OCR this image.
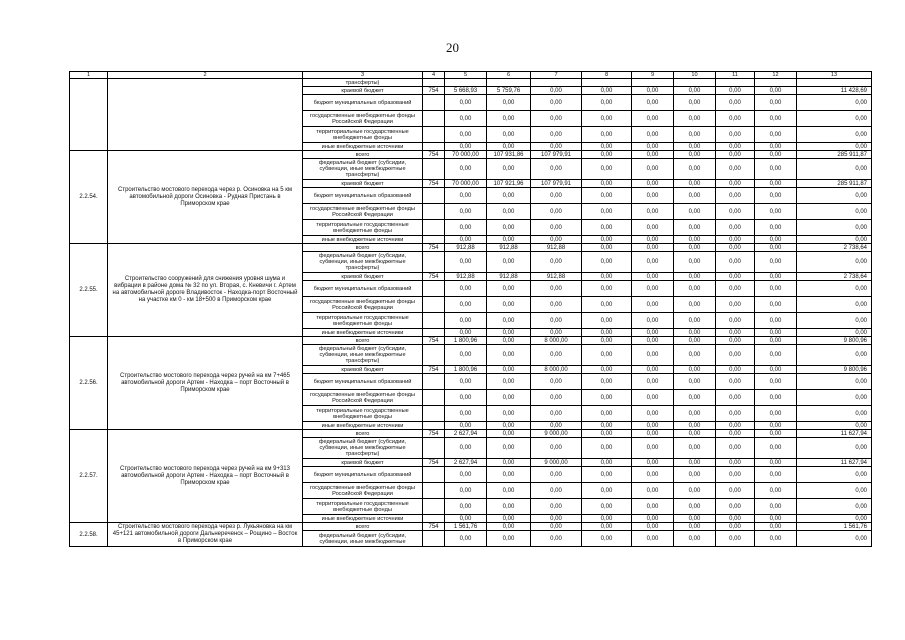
20
1	2	3	4	5	6	7	8	9	10	11	12	13
		трансферты)										
		краевой бюджет	754	5 668,93	5 759,76	0,00	0,00	0,00	0,00	0,00	0,00	11 428,69
		бюджет муниципальных образований		0,00	0,00	0,00	0,00	0,00	0,00	0,00	0,00	0,00
		государственные внебюджетные фонды Российской Федерации		0,00	0,00	0,00	0,00	0,00	0,00	0,00	0,00	0,00
		территориальные государственные внебюджетные фонды		0,00	0,00	0,00	0,00	0,00	0,00	0,00	0,00	0,00
		иные внебюджетные источники		0,00	0,00	0,00	0,00	0,00	0,00	0,00	0,00	0,00
2.2.54.	Строительство мостового перехода через р. Осиновка на 5 км автомобильной дороги Осиновка - Рудная Пристань в Приморском крае	всего	754	70 000,00	107 931,86	107 979,91	0,00	0,00	0,00	0,00	0,00	285 911,87
		федеральный бюджет (субсидии, субвенции, иные межбюджетные трансферты)		0,00	0,00	0,00	0,00	0,00	0,00	0,00	0,00	0,00
		краевой бюджет	754	70 000,00	107 921,96	107 979,91	0,00	0,00	0,00	0,00	0,00	285 911,87
		бюджет муниципальных образований		0,00	0,00	0,00	0,00	0,00	0,00	0,00	0,00	0,00
		государственные внебюджетные фонды Российской Федерации		0,00	0,00	0,00	0,00	0,00	0,00	0,00	0,00	0,00
		территориальные государственные внебюджетные фонды		0,00	0,00	0,00	0,00	0,00	0,00	0,00	0,00	0,00
		иные внебюджетные источники		0,00	0,00	0,00	0,00	0,00	0,00	0,00	0,00	0,00
2.2.55.	Строительство сооружений для снижения уровня шума и вибрации в районе дома № 32 по ул. Вторая, с. Кневичи г. Артем на автомобильной дороге Владивосток - Находка-порт Восточный на участке км 0 - км 18+500 в Приморском крае	всего	754	912,88	912,88	912,88	0,00	0,00	0,00	0,00	0,00	2 738,64
		федеральный бюджет (субсидии, субвенции, иные межбюджетные трансферты)		0,00	0,00	0,00	0,00	0,00	0,00	0,00	0,00	0,00
		краевой бюджет	754	912,88	912,88	912,88	0,00	0,00	0,00	0,00	0,00	2 738,64
		бюджет муниципальных образований		0,00	0,00	0,00	0,00	0,00	0,00	0,00	0,00	0,00
		государственные внебюджетные фонды Российской Федерации		0,00	0,00	0,00	0,00	0,00	0,00	0,00	0,00	0,00
		территориальные государственные внебюджетные фонды		0,00	0,00	0,00	0,00	0,00	0,00	0,00	0,00	0,00
		иные внебюджетные источники		0,00	0,00	0,00	0,00	0,00	0,00	0,00	0,00	0,00
2.2.56.	Строительство мостового перехода через ручей на км 7+465 автомобильной дороги Артем - Находка – порт Восточный в Приморском крае	всего	754	1 800,96	0,00	8 000,00	0,00	0,00	0,00	0,00	0,00	9 800,96
		федеральный бюджет (субсидии, субвенции, иные межбюджетные трансферты)		0,00	0,00	0,00	0,00	0,00	0,00	0,00	0,00	0,00
		краевой бюджет	754	1 800,96	0,00	8 000,00	0,00	0,00	0,00	0,00	0,00	9 800,96
		бюджет муниципальных образований		0,00	0,00	0,00	0,00	0,00	0,00	0,00	0,00	0,00
		государственные внебюджетные фонды Российской Федерации		0,00	0,00	0,00	0,00	0,00	0,00	0,00	0,00	0,00
		территориальные государственные внебюджетные фонды		0,00	0,00	0,00	0,00	0,00	0,00	0,00	0,00	0,00
		иные внебюджетные источники		0,00	0,00	0,00	0,00	0,00	0,00	0,00	0,00	0,00
2.2.57.	Строительство мостового перехода через ручей на км 9+313 автомобильной дороги Артем - Находка – порт Восточный в Приморском крае	всего	754	2 627,94	0,00	9 000,00	0,00	0,00	0,00	0,00	0,00	11 627,94
		федеральный бюджет (субсидии, субвенции, иные межбюджетные трансферты)		0,00	0,00	0,00	0,00	0,00	0,00	0,00	0,00	0,00
		краевой бюджет	754	2 627,94	0,00	9 000,00	0,00	0,00	0,00	0,00	0,00	11 627,94
		бюджет муниципальных образований		0,00	0,00	0,00	0,00	0,00	0,00	0,00	0,00	0,00
		государственные внебюджетные фонды Российской Федерации		0,00	0,00	0,00	0,00	0,00	0,00	0,00	0,00	0,00
		территориальные государственные внебюджетные фонды		0,00	0,00	0,00	0,00	0,00	0,00	0,00	0,00	0,00
		иные внебюджетные источники		0,00	0,00	0,00	0,00	0,00	0,00	0,00	0,00	0,00
2.2.58.	Строительство мостового перехода через р. Лукьяновка на км 45+121 автомобильной дороги Дальнереченск – Рощино – Восток в Приморском крае	всего	754	1 561,76	0,00	0,00	0,00	0,00	0,00	0,00	0,00	1 561,76
		федеральный бюджет (субсидии, субвенции, иные межбюджетные		0,00	0,00	0,00	0,00	0,00	0,00	0,00	0,00	0,00
